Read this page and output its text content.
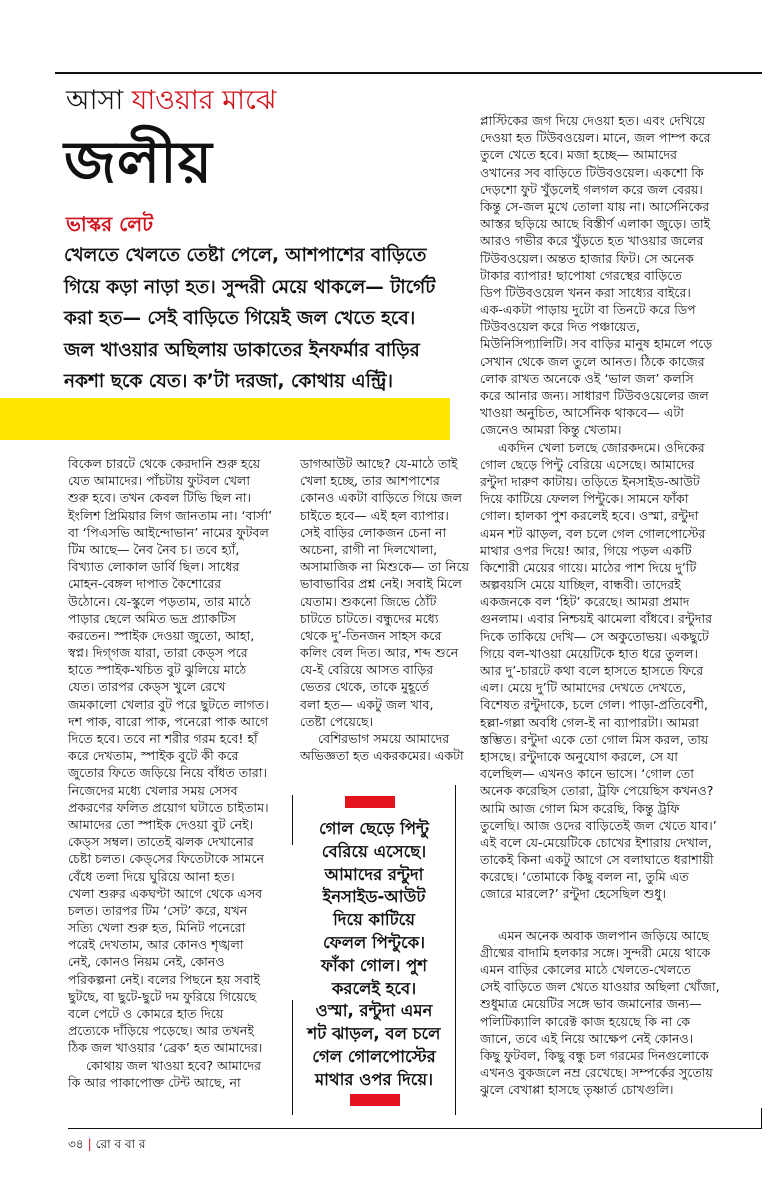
আসা যাওয়ার মাঝে
জলীয়
ভাস্কর লেট
খেলতে খেলতে তেষ্টা পেলে, আশপাশের বাড়িতে
গিয়ে কড়া নাড়া হত। সুন্দরী মেয়ে থাকলে— টার্গেট
করা হত— সেই বাড়িতে গিয়েই জল খেতে হবে।
জল খাওয়ার অছিলায় ডাকাতের ইনফর্মার বাড়ির
নকশা ছকে যেত। ক’টা দরজা, কোথায় এন্ট্রি।
বিকেল চারটে থেকে কেরদানি শুরু হয়ে
যেত আমাদের। পাঁচটায় ফুটবল খেলা
শুরু হবে। তখন কেবল টিভি ছিল না।
ইংলিশ প্রিমিয়ার লিগ জানতাম না। ‘বার্সা’
বা ‘পিএসভি আইন্দোভান’ নামের ফুটবল
টিম আছে— নৈব নৈব চ। তবে হ্যাঁ,
বিখ্যাত লোকাল ডার্বি ছিল। সাধের
মোহন-বেঙ্গল দাপাত কৈশোরের
উঠোনে। যে-স্কুলে পড়তাম, তার মাঠে
পাড়ার ছেলে অমিত ভদ্র প্র্যাকটিস
করতেন। স্পাইক দেওয়া জুতো, আহা,
স্বপ্ন। দিগ্‌গজ যারা, তারা কেড্‌স পরে
হাতে স্পাইক-খচিত বুট ঝুলিয়ে মাঠে
যেত। তারপর কেড্‌স খুলে রেখে
জমকালো খেলার বুট পরে ছুটতে লাগত।
দশ পাক, বারো পাক, পনেরো পাক আগে
দিতে হবে। তবে না শরীর গরম হবে! হাঁ
করে দেখতাম, স্পাইক বুটে কী করে
জুতোর ফিতে জড়িয়ে নিয়ে বাঁধত তারা।
নিজেদের মধ্যে খেলার সময় সেসব
প্রকরণের ফলিত প্রয়োগ ঘটাতে চাইতাম।
আমাদের তো স্পাইক দেওয়া বুট নেই।
কেড্‌স সম্বল। তাতেই ঝলক দেখানোর
চেষ্টা চলত। কেড্‌সের ফিতেটাকে সামনে
বেঁধে তলা দিয়ে ঘুরিয়ে আনা হত।
খেলা শুরুর একঘণ্টা আগে থেকে এসব
চলত। তারপর টিম ‘সেট’ করে, যখন
সত্যি খেলা শুরু হত, মিনিট পনেরো
পরেই দেখতাম, আর কোনও শৃঙ্খলা
নেই, কোনও নিয়ম নেই, কোনও
পরিকল্পনা নেই। বলের পিছনে হয় সবাই
ছুটছে, বা ছুটে-ছুটে দম ফুরিয়ে গিয়েছে
বলে পেটে ও কোমরে হাত দিয়ে
প্রত্যেকে দাঁড়িয়ে পড়েছে। আর তখনই
ঠিক জল খাওয়ার ‘ব্রেক’ হত আমাদের।
কোথায় জল খাওয়া হবে? আমাদের
কি আর পাকাপোক্ত টেন্ট আছে, না
ডাগআউট আছে? যে-মাঠে তাই
খেলা হচ্ছে, তার আশপাশের
কোনও একটা বাড়িতে গিয়ে জল
চাইতে হবে— এই হল ব্যাপার।
সেই বাড়ির লোকজন চেনা না
অচেনা, রাগী না দিলখোলা,
অসামাজিক না মিশুকে— তা নিয়ে
ভাবাভাবির প্রশ্ন নেই। সবাই মিলে
যেতাম। শুকনো জিভে ঠোঁট
চাটতে চাটতে। বন্ধুদের মধ্যে
থেকে দু’-তিনজন সাহস করে
কলিং বেল দিত। আর, শব্দ শুনে
যে-ই বেরিয়ে আসত বাড়ির
ভেতর থেকে, তাকে মুহূর্তে
বলা হত— একটু জল খাব,
তেষ্টা পেয়েছে।
বেশিরভাগ সময়ে আমাদের
অভিজ্ঞতা হত একরকমের। একটা
গোল ছেড়ে পিন্টু
বেরিয়ে এসেছে।
আমাদের রন্টুদা
ইনসাইড-আউট
দিয়ে কাটিয়ে
ফেলল পিন্টুকে।
ফাঁকা গোল। পুশ
করলেই হবে।
ওস্মা, রন্টুদা এমন
শট ঝাড়ল, বল চলে
গেল গোলপোস্টের
মাথার ওপর দিয়ে।
প্লাস্টিকের জগ দিয়ে দেওয়া হত। এবং দেখিয়ে
দেওয়া হত টিউবওয়েল। মানে, জল পাম্প করে
তুলে খেতে হবে। মজা হচ্ছে— আমাদের
ওখানের সব বাড়িতে টিউবওয়েল। একশো কি
দেড়শো ফুট খুঁড়লেই গলগল করে জল বেরয়।
কিন্তু সে-জল মুখে তোলা যায় না। আর্সেনিকের
আস্তর ছড়িয়ে আছে বিস্তীর্ণ এলাকা জুড়ে। তাই
আরও গভীর করে খুঁড়তে হত খাওয়ার জলের
টিউবওয়েল। অন্তত হাজার ফিট। সে অনেক
টাকার ব্যাপার! ছাপোষা গেরস্থের বাড়িতে
ডিপ টিউবওয়েল খনন করা সাধ্যের বাইরে।
এক-একটা পাড়ায় দুটো বা তিনটে করে ডিপ
টিউবওয়েল করে দিত পঞ্চায়েত,
মিউনিসিপ্যালিটি। সব বাড়ির মানুষ হামলে পড়ে
সেখান থেকে জল তুলে আনত। ঠিকে কাজের
লোক রাখত অনেকে ওই ‘ভাল জল’ কলসি
করে আনার জন্য। সাধারণ টিউবওয়েলের জল
খাওয়া অনুচিত, আর্সেনিক থাকবে— এটা
জেনেও আমরা কিন্তু খেতাম।
একদিন খেলা চলছে জোরকদমে। ওদিকের
গোল ছেড়ে পিন্টু বেরিয়ে এসেছে। আমাদের
রন্টুদা দারুণ কাটায়। তড়িতে ইনসাইড-আউট
দিয়ে কাটিয়ে ফেলল পিন্টুকে। সামনে ফাঁকা
গোল। হালকা পুশ করলেই হবে। ওস্মা, রন্টুদা
এমন শট ঝাড়ল, বল চলে গেল গোলপোস্টের
মাথার ওপর দিয়ে! আর, গিয়ে পড়ল একটি
কিশোরী মেয়ের গায়ে। মাঠের পাশ দিয়ে দু’টি
অল্পবয়সি মেয়ে যাচ্ছিল, বান্ধবী। তাদেরই
একজনকে বল ‘হিট’ করেছে। আমরা প্রমাদ
গুনলাম। এবার নিশ্চয়ই ঝামেলা বাঁধবে। রন্টুদার
দিকে তাকিয়ে দেখি— সে অকুতোভয়। একছুটে
গিয়ে বল-খাওয়া মেয়েটিকে হাত ধরে তুলল।
আর দু’-চারটে কথা বলে হাসতে হাসতে ফিরে
এল। মেয়ে দু’টি আমাদের দেখতে দেখতে,
বিশেষত রন্টুদাকে, চলে গেল। পাড়া-প্রতিবেশী,
হল্লা-গল্লা অবধি গেল-ই না ব্যাপারটা। আমরা
স্তম্ভিত। রন্টুদা একে তো গোল মিস করল, তায়
হাসছে। রন্টুদাকে অনুযোগ করলে, সে যা
বলেছিল— এখনও কানে ভাসে। ‘গোল তো
অনেক করেছিস তোরা, ট্রফি পেয়েছিস কখনও?
আমি আজ গোল মিস করেছি, কিন্তু ট্রফি
তুলেছি। আজ ওদের বাড়িতেই জল খেতে যাব।’
এই বলে যে-মেয়েটিকে চোখের ইশারায় দেখাল,
তাকেই কিনা একটু আগে সে বলাঘাতে ধরাশায়ী
করেছে। ‘তোমাকে কিছু বলল না, তুমি এত
জোরে মারলে?’ রন্টুদা হেসেছিল শুধু।
এমন অনেক অবাক জলপান জড়িয়ে আছে
গ্রীষ্মের বাদামি হলকার সঙ্গে। সুন্দরী মেয়ে থাকে
এমন বাড়ির কোলের মাঠে খেলতে-খেলতে
সেই বাড়িতে জল খেতে যাওয়ার অছিলা খোঁজা,
শুধুমাত্র মেয়েটির সঙ্গে ভাব জমানোর জন্য—
পলিটিক্যালি কারেক্ট কাজ হয়েছে কি না কে
জানে, তবে এই নিয়ে আক্ষেপ নেই কোনও।
কিছু ফুটবল, কিছু বন্ধু চল গরমের দিনগুলোকে
এখনও বুকজলে নম্র রেখেছে। সম্পর্কের সুতোয়
ঝুলে বেখাপ্পা হাসছে তৃষ্ণার্ত চোখগুলি।
৩৪ | রো ব বা র
